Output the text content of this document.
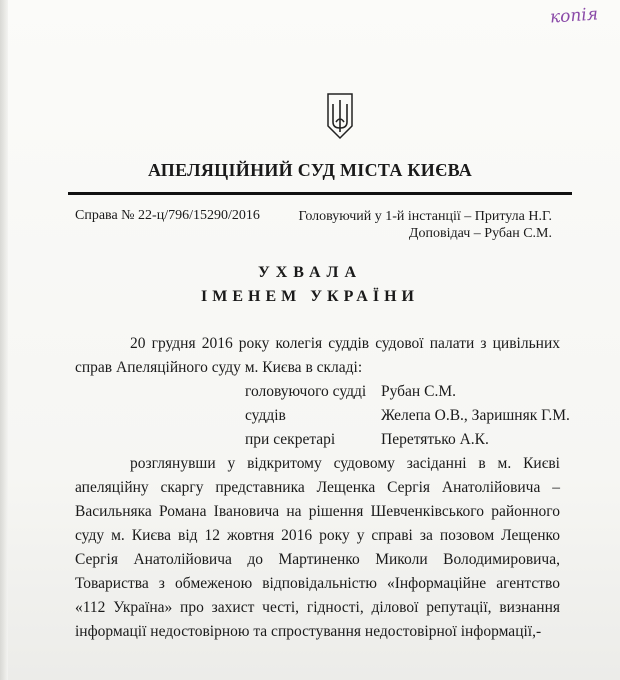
копія
АПЕЛЯЦІЙНИЙ СУД МІСТА КИЄВА
Справа № 22-ц/796/15290/2016	Головуючий у 1-й інстанції – Притула Н.Г.
Доповідач – Рубан С.М.
УХВАЛА
ІМЕНЕМ УКРАЇНИ
20 грудня 2016 року колегія суддів судової палати з цивільних справ Апеляційного суду м. Києва в складі:
головуючого судді Рубан С.М.
суддів	Желепа О.В., Заришняк Г.М.
при секретарі	Перетятько А.К.
розглянувши у відкритому судовому засіданні в м. Києві апеляційну скаргу представника Лещенка Сергія Анатолійовича – Васильняка Романа Івановича на рішення Шевченківського районного суду м. Києва від 12 жовтня 2016 року у справі за позовом Лещенко Сергія Анатолійовича до Мартиненко Миколи Володимировича, Товариства з обмеженою відповідальністю «Інформаційне агентство «112 Україна» про захист честі, гідності, ділової репутації, визнання інформації недостовірною та спростування недостовірної інформації,-
